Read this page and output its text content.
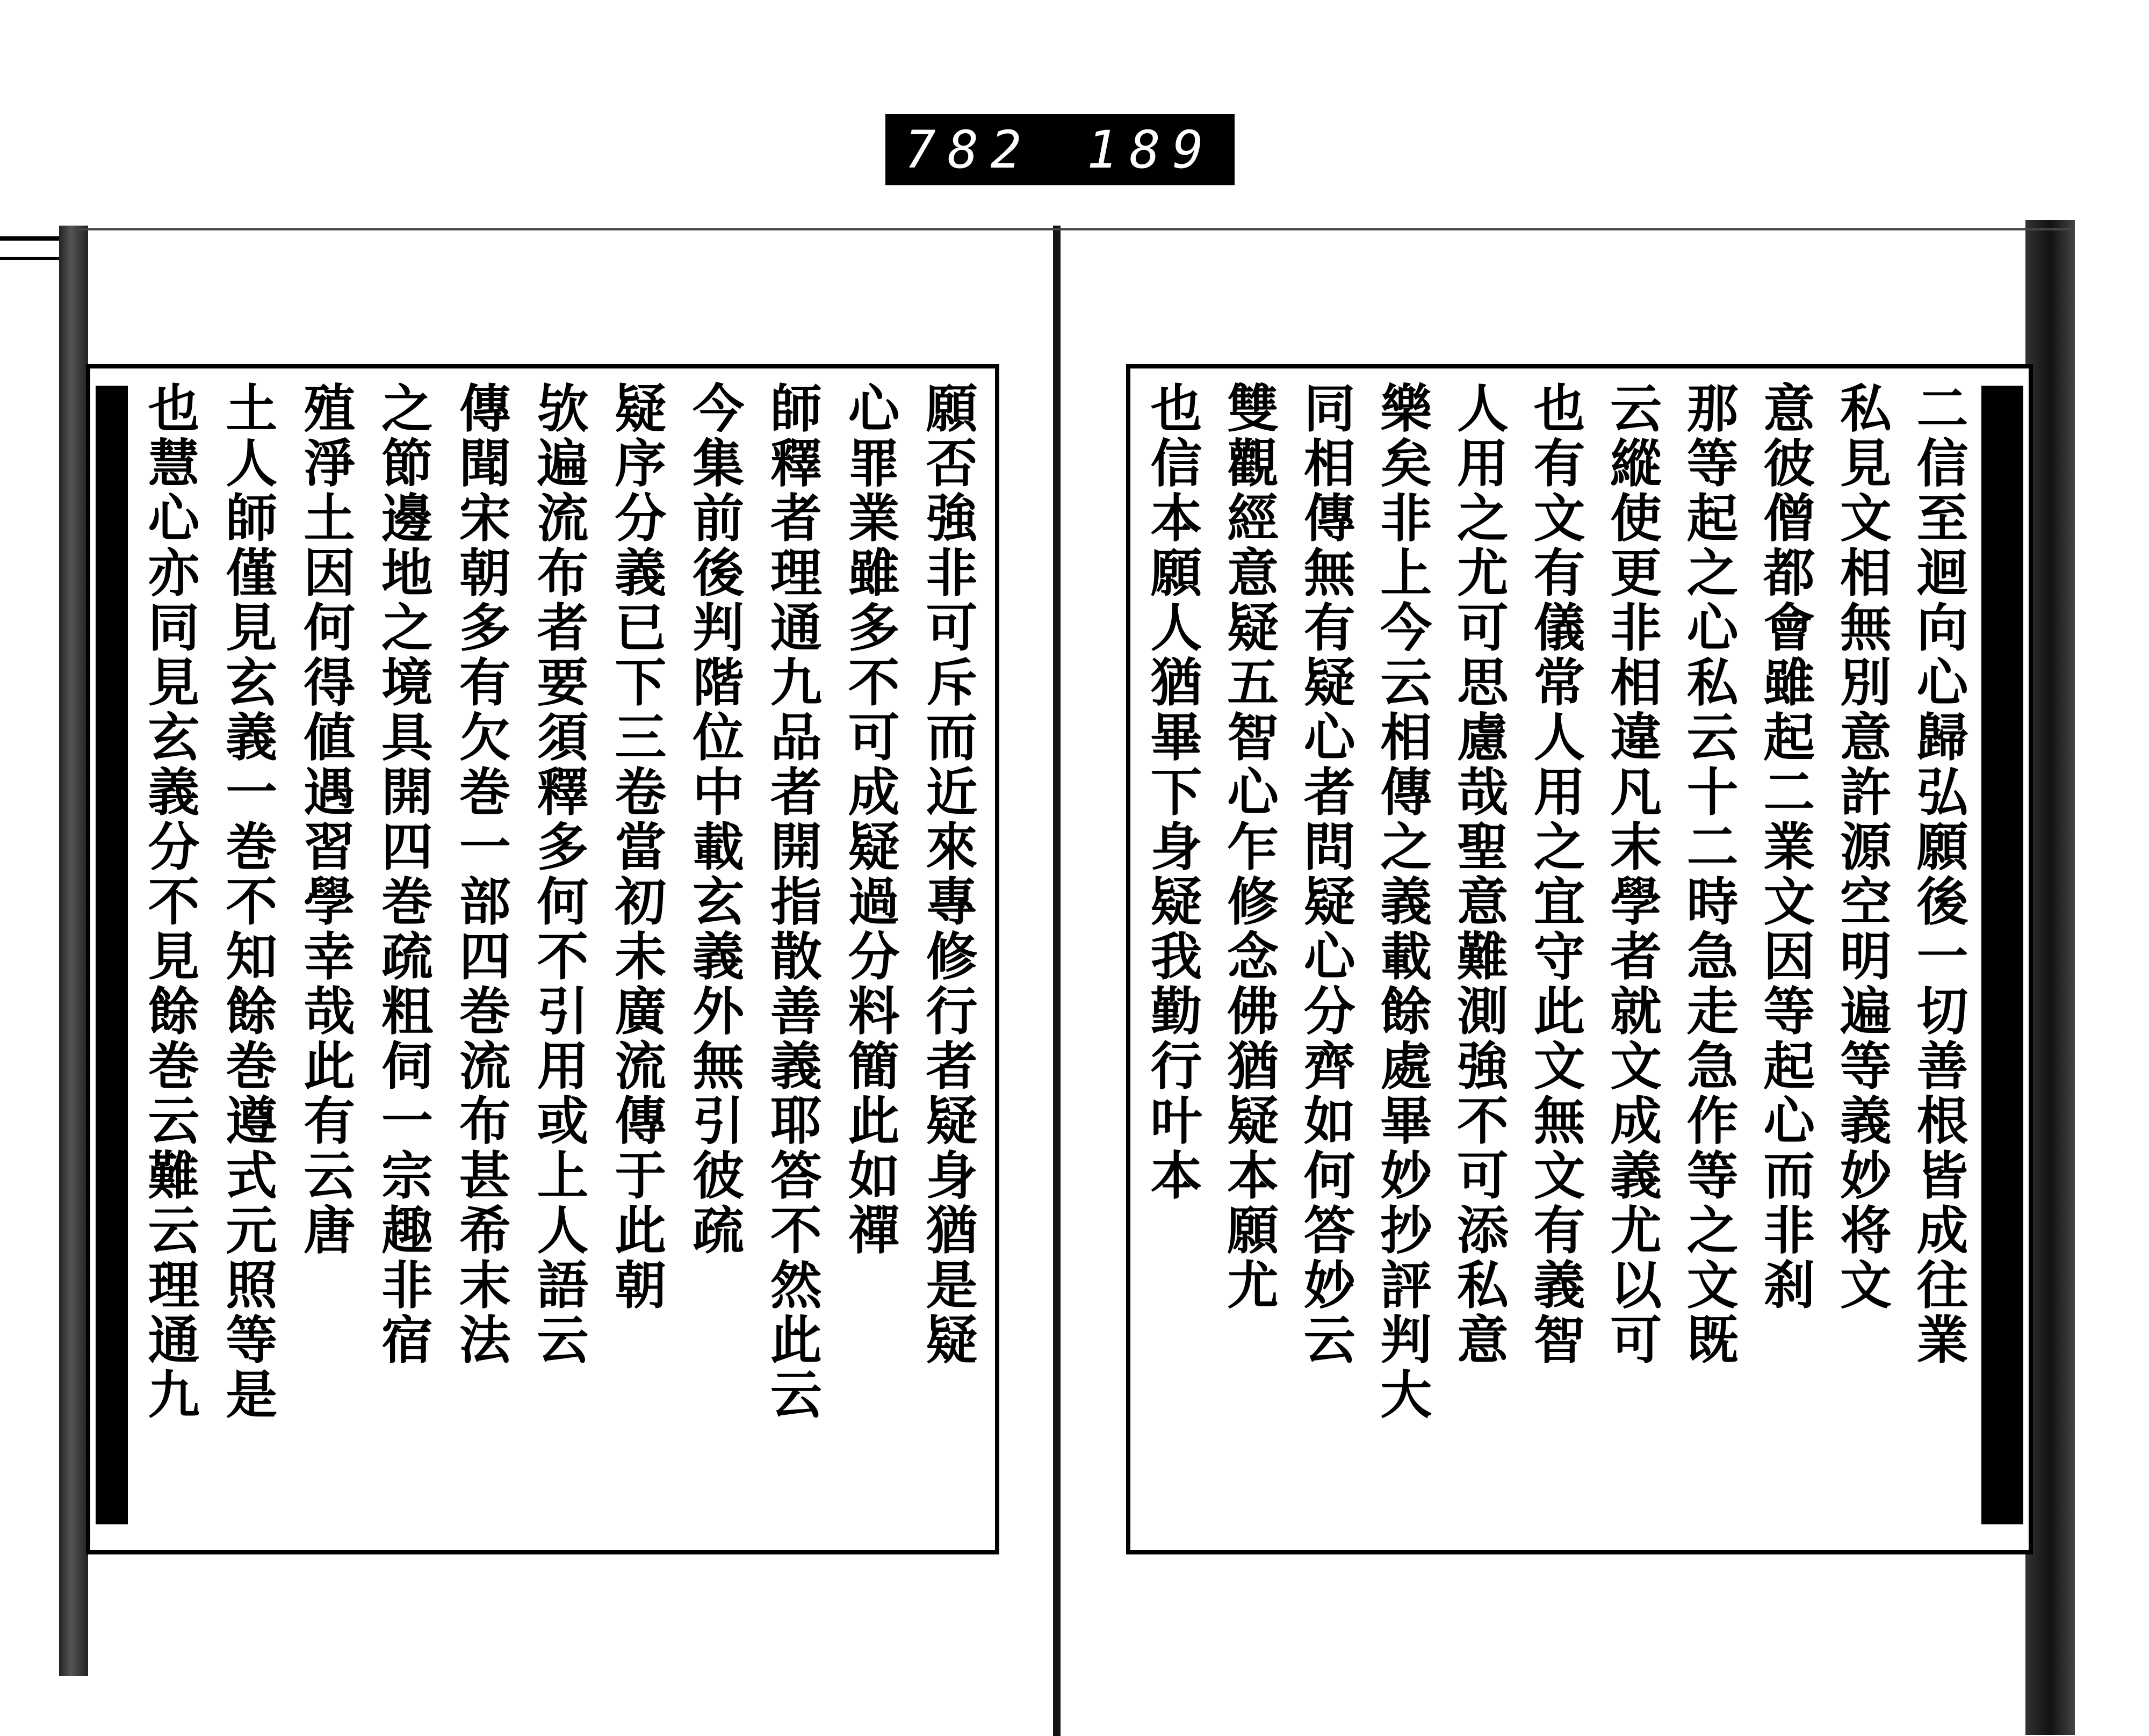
782 189
願否強非可斥而近來專修行者疑身猶是疑
心罪業雖多不可成疑過分料簡此如禪
師釋者理通九品者開指散善義耶答不然此云
今集前後判階位中載玄義外無引彼疏
疑序分義已下三卷當初未廣流傳于此朝
欤遍流布者要須釋多何不引用或上人語云
傳聞宋朝多有欠巻一部四巻流布甚希末法
之節邊地之境具開四巻疏粗伺一宗趣非宿
殖淨土因何得値遇習學幸哉此有云唐
土人師僅見玄義一巻不知餘巻遵式元照等是
也慧心亦同見玄義分不見餘巻云難云理通九	二信至迴向心歸弘願後一切善根皆成往業
私見文相無別意許源空明遍等義妙将文
意彼僧都會雖起二業文因等起心而非刹
那等起之心私云十二時急走急作等之文既
云縱使更非相違凡末學者就文成義尤以可
也有文有儀常人用之宜守此文無文有義智
人用之尤可思慮哉聖意難測強不可添私意
樂矣非上今云相傳之義載餘處畢妙抄評判大
同相傳無有疑心者問疑心分齊如何答妙云
雙觀經意疑五智心乍修念佛猶疑本願尤
也信本願人猶畢下身疑我勤行叶本
